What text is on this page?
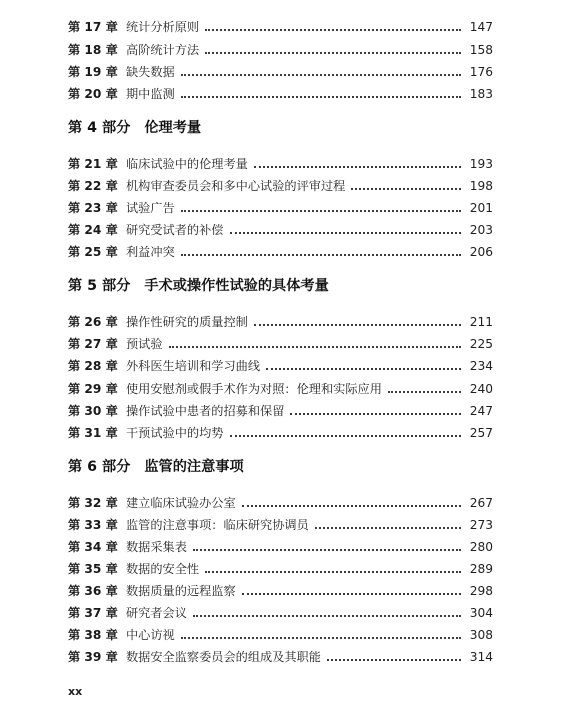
第 17 章 统计分析原则	147
第 18 章 高阶统计方法	158
第 19 章 缺失数据	176
第 20 章 期中监测	183
第 4 部分 伦理考量
第 21 章 临床试验中的伦理考量	193
第 22 章 机构审查委员会和多中心试验的评审过程	198
第 23 章 试验广告	201
第 24 章 研究受试者的补偿	203
第 25 章 利益冲突	206
第 5 部分 手术或操作性试验的具体考量
第 26 章 操作性研究的质量控制	211
第 27 章 预试验	225
第 28 章 外科医生培训和学习曲线	234
第 29 章 使用安慰剂或假手术作为对照：伦理和实际应用	240
第 30 章 操作试验中患者的招募和保留	247
第 31 章 干预试验中的均势	257
第 6 部分 监管的注意事项
第 32 章 建立临床试验办公室	267
第 33 章 监管的注意事项：临床研究协调员	273
第 34 章 数据采集表	280
第 35 章 数据的安全性	289
第 36 章 数据质量的远程监察	298
第 37 章 研究者会议	304
第 38 章 中心访视	308
第 39 章 数据安全监察委员会的组成及其职能	314
xx
